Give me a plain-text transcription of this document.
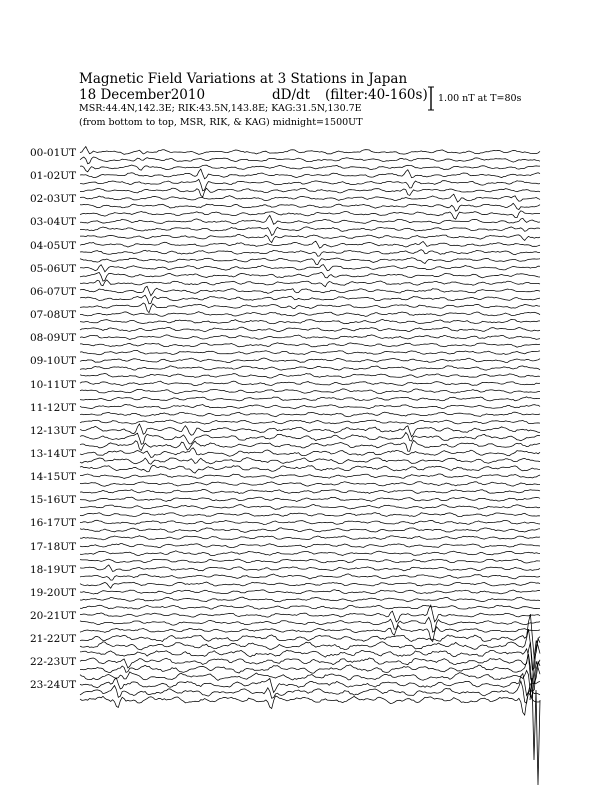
Magnetic Field Variations at 3 Stations in Japan
18 December2010	dD/dt (filter:40-160s)
MSR:44.4N,142.3E; RIK:43.5N,143.8E; KAG:31.5N,130.7E
(from bottom to top, MSR, RIK, & KAG) midnight=1500UT
1.00 nT at T=80s
00-01UT
01-02UT
02-03UT
03-04UT
04-05UT
05-06UT
06-07UT
07-08UT
08-09UT
09-10UT
10-11UT
11-12UT
12-13UT
13-14UT
14-15UT
15-16UT
16-17UT
17-18UT
18-19UT
19-20UT
20-21UT
21-22UT
22-23UT
23-24UT
